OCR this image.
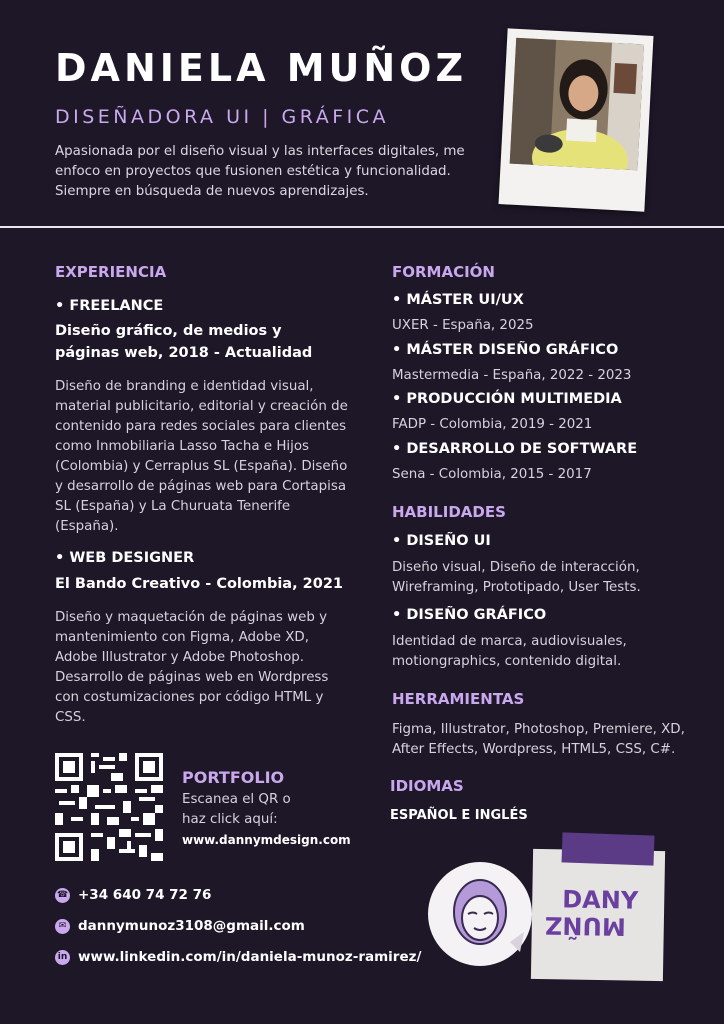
DANIELA MUÑOZ
DISEÑADORA UI | GRÁFICA
Apasionada por el diseño visual y las interfaces digitales, me enfoco en proyectos que fusionen estética y funcionalidad. Siempre en búsqueda de nuevos aprendizajes.
EXPERIENCIA
• FREELANCE
Diseño gráfico, de medios y páginas web, 2018 - Actualidad
Diseño de branding e identidad visual, material publicitario, editorial y creación de contenido para redes sociales para clientes como Inmobiliaria Lasso Tacha e Hijos (Colombia) y Cerraplus SL (España). Diseño y desarrollo de páginas web para Cortapisa SL (España) y La Churuata Tenerife (España).
• WEB DESIGNER
El Bando Creativo - Colombia, 2021
Diseño y maquetación de páginas web y mantenimiento con Figma, Adobe XD, Adobe Illustrator y Adobe Photoshop. Desarrollo de páginas web en Wordpress con costumizaciones por código HTML y CSS.
FORMACIÓN
• MÁSTER UI/UX
UXER - España, 2025
• MÁSTER DISEÑO GRÁFICO
Mastermedia - España, 2022 - 2023
• PRODUCCIÓN MULTIMEDIA
FADP - Colombia, 2019 - 2021
• DESARROLLO DE SOFTWARE
Sena - Colombia, 2015 - 2017
HABILIDADES
• DISEÑO UI
Diseño visual, Diseño de interacción, Wireframing, Prototipado, User Tests.
• DISEÑO GRÁFICO
Identidad de marca, audiovisuales, motiongraphics, contenido digital.
HERRAMIENTAS
Figma, Illustrator, Photoshop, Premiere, XD, After Effects, Wordpress, HTML5, CSS, C#.
IDIOMAS
ESPAÑOL E INGLÉS
PORTFOLIO
Escanea el QR o
haz click aquí:
www.dannymdesign.com
☎ +34 640 74 72 76
✉ dannymunoz3108@gmail.com
in www.linkedin.com/in/daniela-munoz-ramirez/
DANY
MUÑZ
